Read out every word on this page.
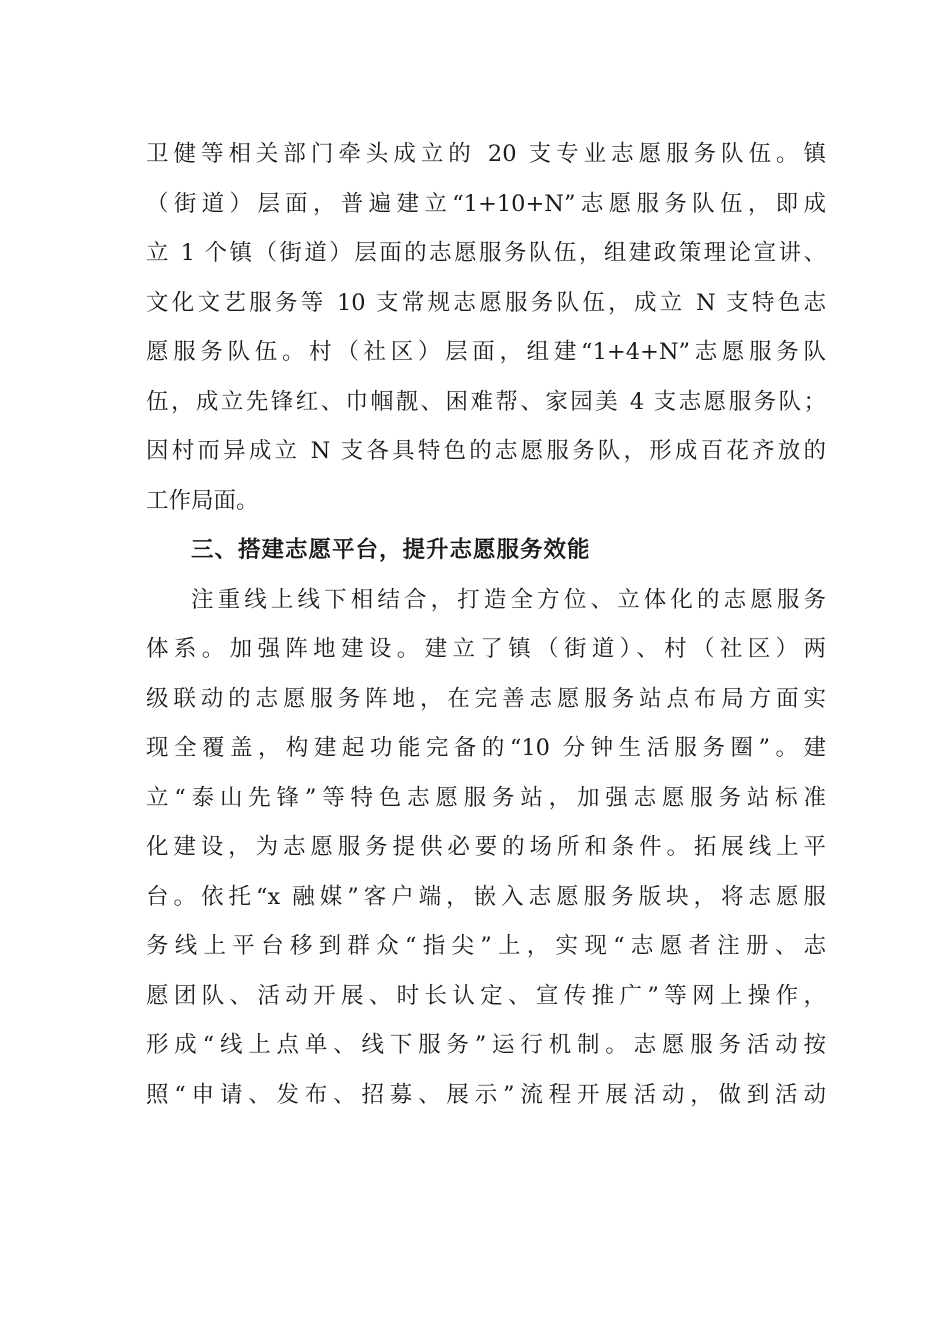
卫健等相关部门牵头成立的 20 支专业志愿服务队伍。镇
（街道）层面，普遍建立“1+10+N”志愿服务队伍，即成
立 1 个镇（街道）层面的志愿服务队伍，组建政策理论宣讲、
文化文艺服务等 10 支常规志愿服务队伍，成立 N 支特色志
愿服务队伍。村（社区）层面，组建“1+4+N”志愿服务队
伍，成立先锋红、巾帼靓、困难帮、家园美 4 支志愿服务队；
因村而异成立 N 支各具特色的志愿服务队，形成百花齐放的
工作局面。
三、搭建志愿平台，提升志愿服务效能
注重线上线下相结合，打造全方位、立体化的志愿服务
体系。加强阵地建设。建立了镇（街道）、村（社区）两
级联动的志愿服务阵地，在完善志愿服务站点布局方面实
现全覆盖，构建起功能完备的“10 分钟生活服务圈”。建
立“泰山先锋”等特色志愿服务站，加强志愿服务站标准
化建设，为志愿服务提供必要的场所和条件。拓展线上平
台。依托“x 融媒”客户端，嵌入志愿服务版块，将志愿服
务线上平台移到群众“指尖”上，实现“志愿者注册、志
愿团队、活动开展、时长认定、宣传推广”等网上操作，
形成“线上点单、线下服务”运行机制。志愿服务活动按
照“申请、发布、招募、展示”流程开展活动，做到活动
